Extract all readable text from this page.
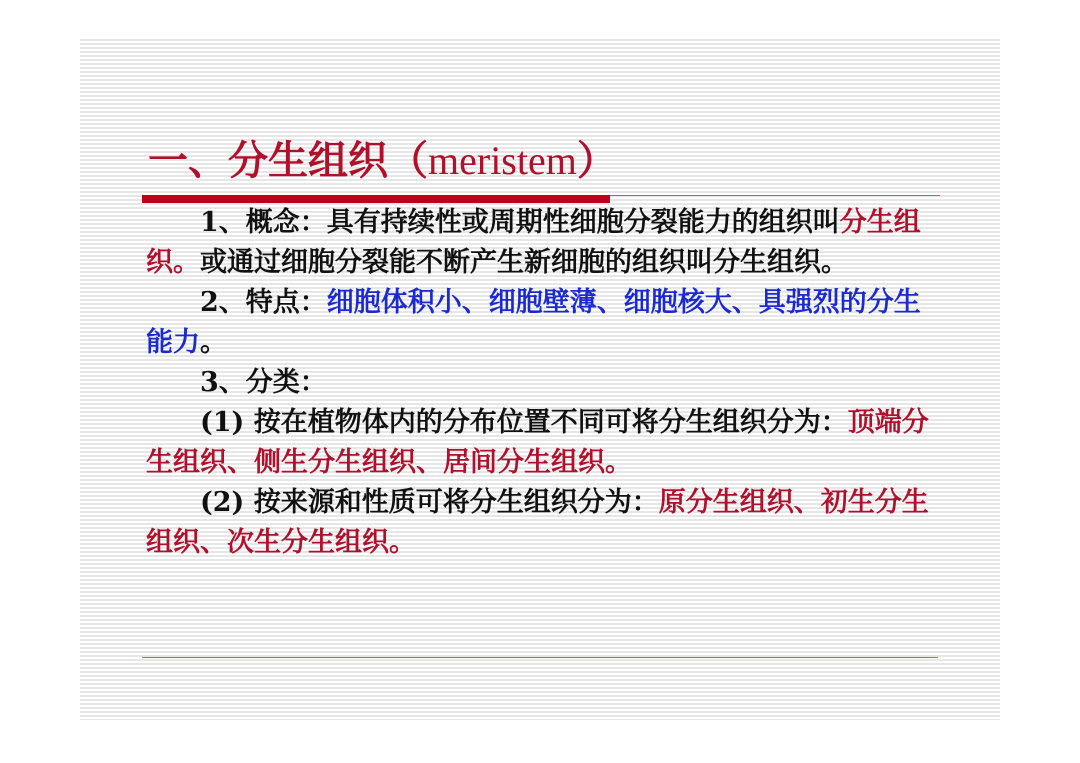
一、分生组织（meristem）

1、概念：具有持续性或周期性细胞分裂能力的组织叫分生组织。或通过细胞分裂能不断产生新细胞的组织叫分生组织。

2、特点：细胞体积小、细胞壁薄、细胞核大、具强烈的分生能力。

3、分类：

(1) 按在植物体内的分布位置不同可将分生组织分为：顶端分生组织、侧生分生组织、居间分生组织。

(2) 按来源和性质可将分生组织分为：原分生组织、初生分生组织、次生分生组织。
